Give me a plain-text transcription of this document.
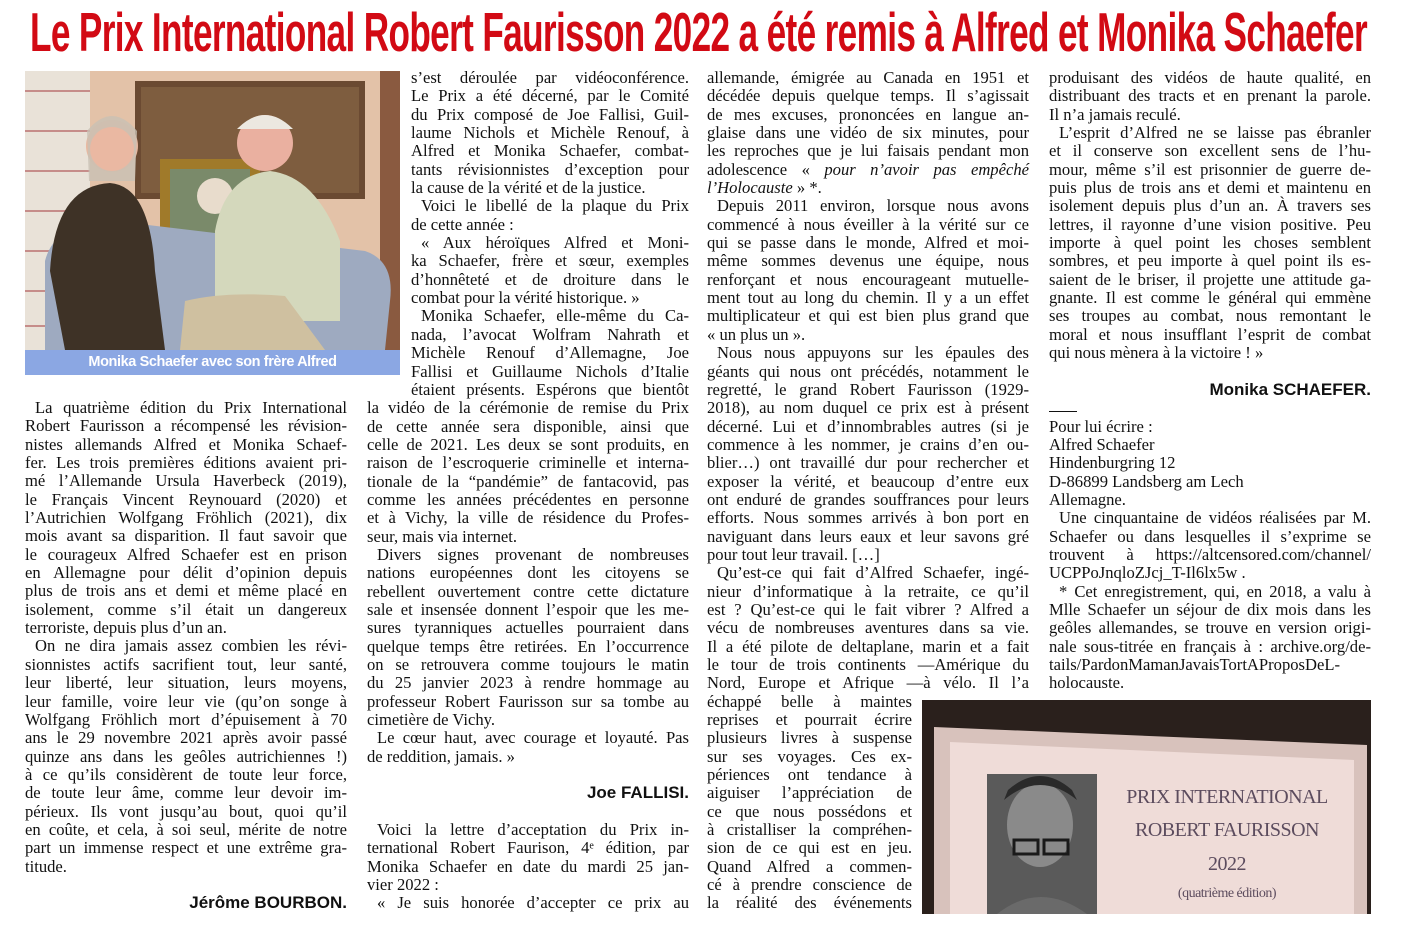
Le Prix International Robert Faurisson 2022 a été remis à Alfred et Monika Schaefer
Monika Schaefer avec son frère Alfred
La quatrième édition du Prix International
Robert Faurisson a récompensé les révision-
nistes allemands Alfred et Monika Schaef-
fer. Les trois premières éditions avaient pri-
mé l’Allemande Ursula Haverbeck (2019),
le Français Vincent Reynouard (2020) et
l’Autrichien Wolfgang Fröhlich (2021), dix
mois avant sa disparition. Il faut savoir que
le courageux Alfred Schaefer est en prison
en Allemagne pour délit d’opinion depuis
plus de trois ans et demi et même placé en
isolement, comme s’il était un dangereux
terroriste, depuis plus d’un an.
On ne dira jamais assez combien les révi-
sionnistes actifs sacrifient tout, leur santé,
leur liberté, leur situation, leurs moyens,
leur famille, voire leur vie (qu’on songe à
Wolfgang Fröhlich mort d’épuisement à 70
ans le 29 novembre 2021 après avoir passé
quinze ans dans les geôles autrichiennes !)
à ce qu’ils considèrent de toute leur force,
de toute leur âme, comme leur devoir im-
périeux. Ils vont jusqu’au bout, quoi qu’il
en coûte, et cela, à soi seul, mérite de notre
part un immense respect et une extrême gra-
titude.
Jérôme BOURBON.
s’est déroulée par vidéoconférence.
Le Prix a été décerné, par le Comité
du Prix composé de Joe Fallisi, Guil-
laume Nichols et Michèle Renouf, à
Alfred et Monika Schaefer, combat-
tants révisionnistes d’exception pour
la cause de la vérité et de la justice.
Voici le libellé de la plaque du Prix
de cette année :
« Aux héroïques Alfred et Moni-
ka Schaefer, frère et sœur, exemples
d’honnêteté et de droiture dans le
combat pour la vérité historique. »
Monika Schaefer, elle-même du Ca-
nada, l’avocat Wolfram Nahrath et
Michèle Renouf d’Allemagne, Joe
Fallisi et Guillaume Nichols d’Italie
étaient présents. Espérons que bientôt
la vidéo de la cérémonie de remise du Prix
de cette année sera disponible, ainsi que
celle de 2021. Les deux se sont produits, en
raison de l’escroquerie criminelle et interna-
tionale de la “pandémie” de fantacovid, pas
comme les années précédentes en personne
et à Vichy, la ville de résidence du Profes-
seur, mais via internet.
Divers signes provenant de nombreuses
nations européennes dont les citoyens se
rebellent ouvertement contre cette dictature
sale et insensée donnent l’espoir que les me-
sures tyranniques actuelles pourraient dans
quelque temps être retirées. En l’occurrence
on se retrouvera comme toujours le matin
du 25 janvier 2023 à rendre hommage au
professeur Robert Faurisson sur sa tombe au
cimetière de Vichy.
Le cœur haut, avec courage et loyauté. Pas
de reddition, jamais. »
Joe FALLISI.
Voici la lettre d’acceptation du Prix in-
ternational Robert Faurison, 4ᵉ édition, par
Monika Schaefer en date du mardi 25 jan-
vier 2022 :
« Je suis honorée d’accepter ce prix au
allemande, émigrée au Canada en 1951 et
décédée depuis quelque temps. Il s’agissait
de mes excuses, prononcées en langue an-
glaise dans une vidéo de six minutes, pour
les reproches que je lui faisais pendant mon
adolescence « pour n’avoir pas empêché
l’Holocauste » *.
Depuis 2011 environ, lorsque nous avons
commencé à nous éveiller à la vérité sur ce
qui se passe dans le monde, Alfred et moi-
même sommes devenus une équipe, nous
renforçant et nous encourageant mutuelle-
ment tout au long du chemin. Il y a un effet
multiplicateur et qui est bien plus grand que
« un plus un ».
Nous nous appuyons sur les épaules des
géants qui nous ont précédés, notamment le
regretté, le grand Robert Faurisson (1929-
2018), au nom duquel ce prix est à présent
décerné. Lui et d’innombrables autres (si je
commence à les nommer, je crains d’en ou-
blier…) ont travaillé dur pour rechercher et
exposer la vérité, et beaucoup d’entre eux
ont enduré de grandes souffrances pour leurs
efforts. Nous sommes arrivés à bon port en
naviguant dans leurs eaux et leur savons gré
pour tout leur travail. […]
Qu’est-ce qui fait d’Alfred Schaefer, ingé-
nieur d’informatique à la retraite, ce qu’il
est ? Qu’est-ce qui le fait vibrer ? Alfred a
vécu de nombreuses aventures dans sa vie.
Il a été pilote de deltaplane, marin et a fait
le tour de trois continents —Amérique du
Nord, Europe et Afrique —à vélo. Il l’a
échappé belle à maintes
reprises et pourrait écrire
plusieurs livres à suspense
sur ses voyages. Ces ex-
périences ont tendance à
aiguiser l’appréciation de
ce que nous possédons et
à cristalliser la compréhen-
sion de ce qui est en jeu.
Quand Alfred a commen-
cé à prendre conscience de
la réalité des événements
produisant des vidéos de haute qualité, en
distribuant des tracts et en prenant la parole.
Il n’a jamais reculé.
L’esprit d’Alfred ne se laisse pas ébranler
et il conserve son excellent sens de l’hu-
mour, même s’il est prisonnier de guerre de-
puis plus de trois ans et demi et maintenu en
isolement depuis plus d’un an. À travers ses
lettres, il rayonne d’une vision positive. Peu
importe à quel point les choses semblent
sombres, et peu importe à quel point ils es-
saient de le briser, il projette une attitude ga-
gnante. Il est comme le général qui emmène
ses troupes au combat, nous remontant le
moral et nous insufflant l’esprit de combat
qui nous mènera à la victoire ! »
Monika SCHAEFER.
Pour lui écrire :
Alfred Schaefer
Hindenburgring 12
D-86899 Landsberg am Lech
Allemagne.
Une cinquantaine de vidéos réalisées par M.
Schaefer ou dans lesquelles il s’exprime se
trouvent à https://altcensored.com/channel/
UCPPoJnqloZJcj_T-Il6lx5w .
* Cet enregistrement, qui, en 2018, a valu à
Mlle Schaefer un séjour de dix mois dans les
geôles allemandes, se trouve en version origi-
nale sous-titrée en français à : archive.org/de-
tails/PardonMamanJavaisTortAProposDeL-
holocauste.
PRIX INTERNATIONAL
ROBERT FAURISSON
2022
(quatrième édition)
